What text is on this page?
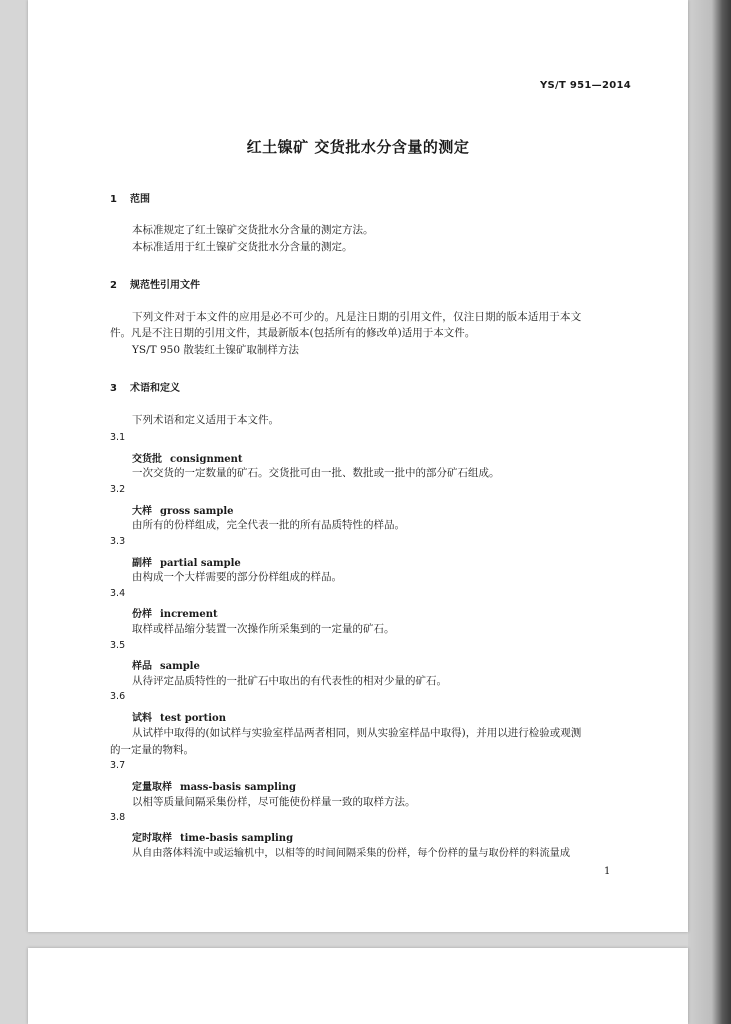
YS/T 951—2014
红土镍矿 交货批水分含量的测定
1 范围
本标准规定了红土镍矿交货批水分含量的测定方法。
本标准适用于红土镍矿交货批水分含量的测定。
2 规范性引用文件
下列文件对于本文件的应用是必不可少的。凡是注日期的引用文件，仅注日期的版本适用于本文
件。凡是不注日期的引用文件，其最新版本(包括所有的修改单)适用于本文件。
YS/T 950 散装红土镍矿取制样方法
3 术语和定义
下列术语和定义适用于本文件。
3.1
交货批 consignment
一次交货的一定数量的矿石。交货批可由一批、数批或一批中的部分矿石组成。
3.2
大样 gross sample
由所有的份样组成，完全代表一批的所有品质特性的样品。
3.3
副样 partial sample
由构成一个大样需要的部分份样组成的样品。
3.4
份样 increment
取样或样品缩分装置一次操作所采集到的一定量的矿石。
3.5
样品 sample
从待评定品质特性的一批矿石中取出的有代表性的相对少量的矿石。
3.6
试料 test portion
从试样中取得的(如试样与实验室样品两者相同，则从实验室样品中取得)，并用以进行检验或观测
的一定量的物料。
3.7
定量取样 mass-basis sampling
以相等质量间隔采集份样，尽可能使份样量一致的取样方法。
3.8
定时取样 time-basis sampling
从自由落体料流中或运输机中，以相等的时间间隔采集的份样，每个份样的量与取份样的料流量成
1
